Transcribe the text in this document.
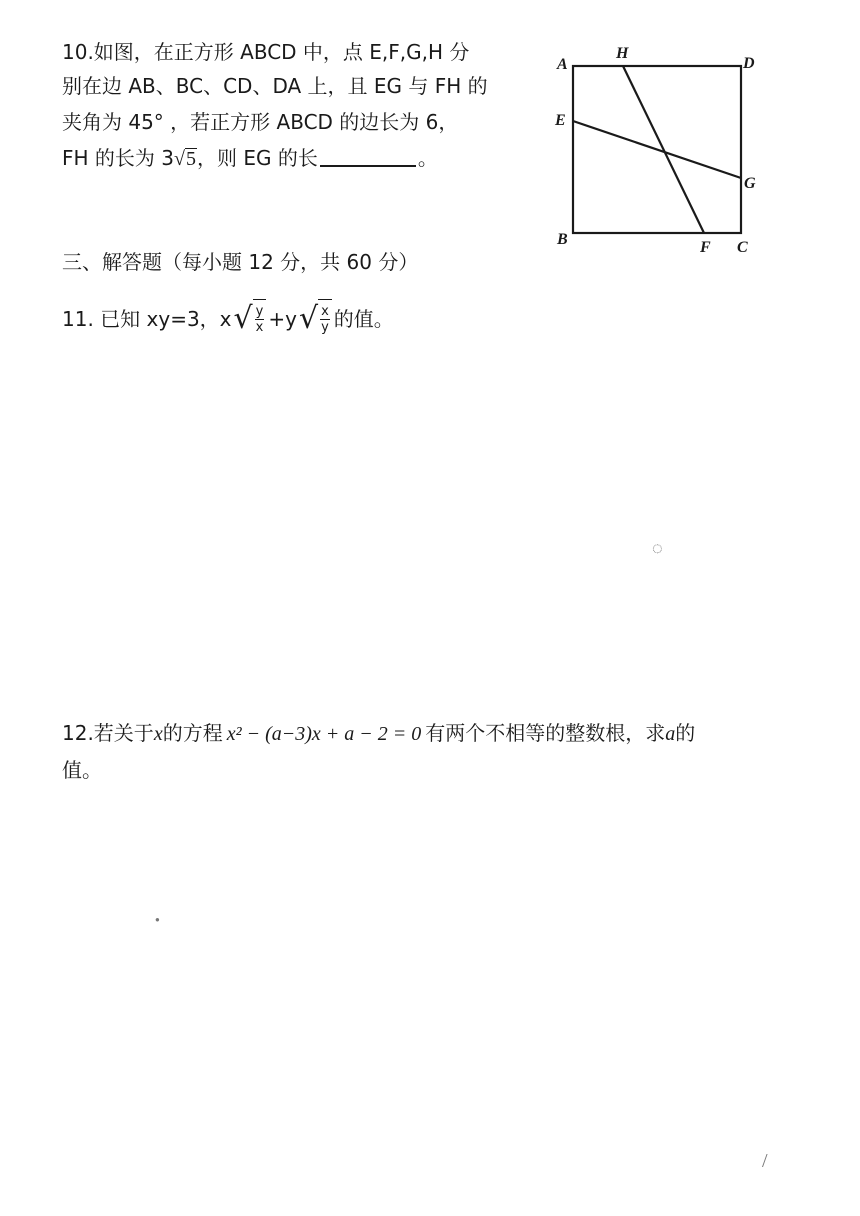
10.如图，在正方形 ABCD 中，点 E,F,G,H 分
别在边 AB、BC、CD、DA 上，且 EG 与 FH 的
夹角为 45° ，若正方形 ABCD 的边长为 6，
FH 的长为 3√5，则 EG 的长	。
A
H
D
E
G
B	F C
三、解答题（每小题 12 分，共 60 分）
11. 已知 xy=3，x √ $\frac{y}{x} +y$ √ $\frac{x}{y}$ 的值。
12.若关于x的方程 x² − (a−3)x + a − 2 = 0 有两个不相等的整数根，求a的
值。
◌
●
/
